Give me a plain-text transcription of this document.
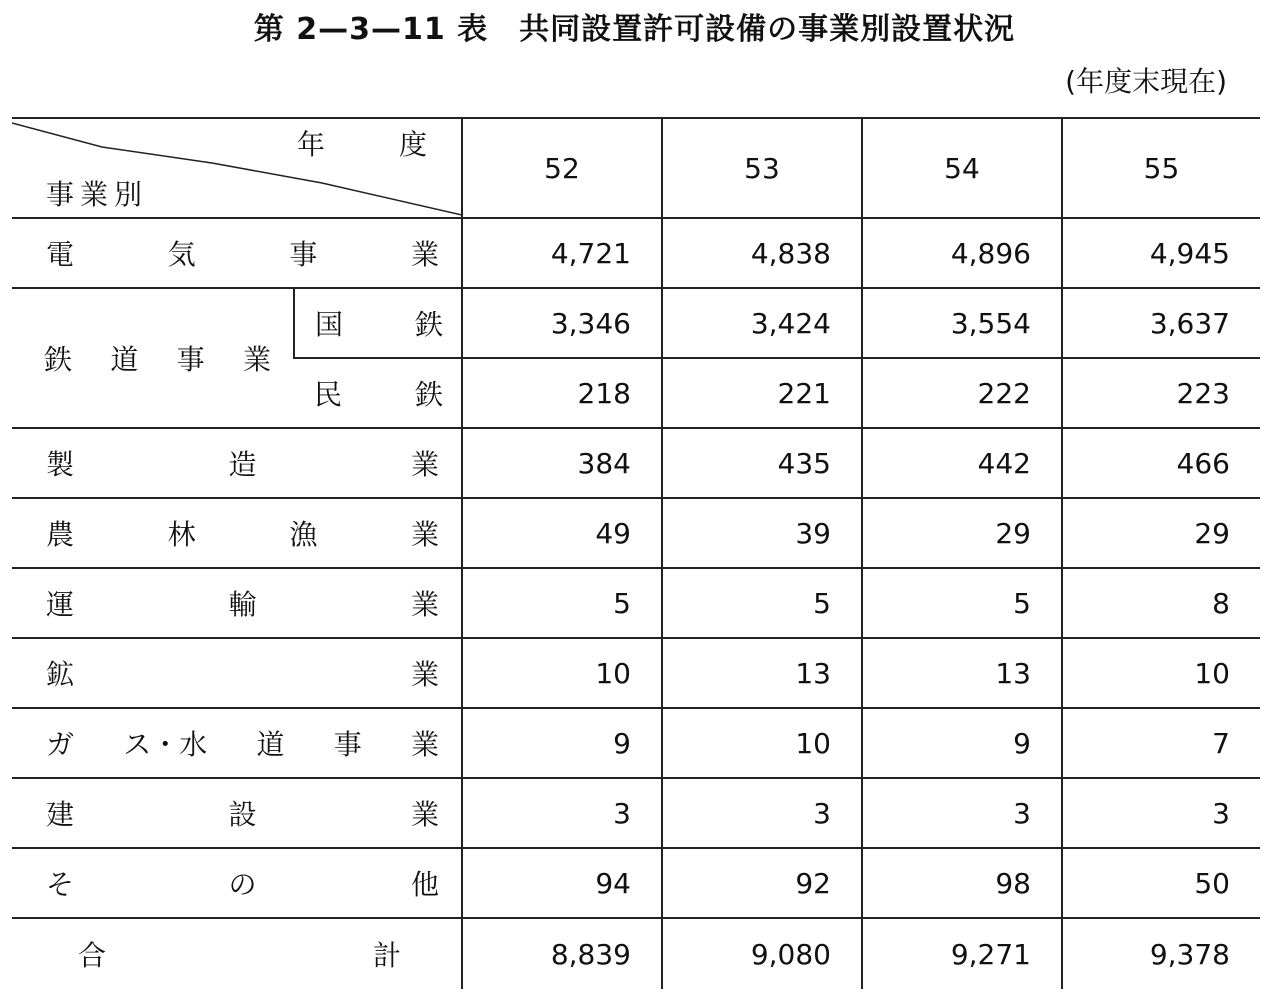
第 2—3—11 表　共同設置許可設備の事業別設置状況
(年度末現在)
年 度
事業別		52	53	54	55

電 気 事 業		4,721	4,838	4,896	4,945

鉄 道 事 業	国 鉄	3,346	3,424	3,554	3,637

	民 鉄	218	221	222	223

製 造 業		384	435	442	466

農 林 漁 業		49	39	29	29

運 輸 業		5	5	5	8

鉱 業		10	13	13	10

ガ ス・水 道 事 業		9	10	9	7

建 設 業		3	3	3	3

そ の 他		94	92	98	50

合 計		8,839	9,080	9,271	9,378
